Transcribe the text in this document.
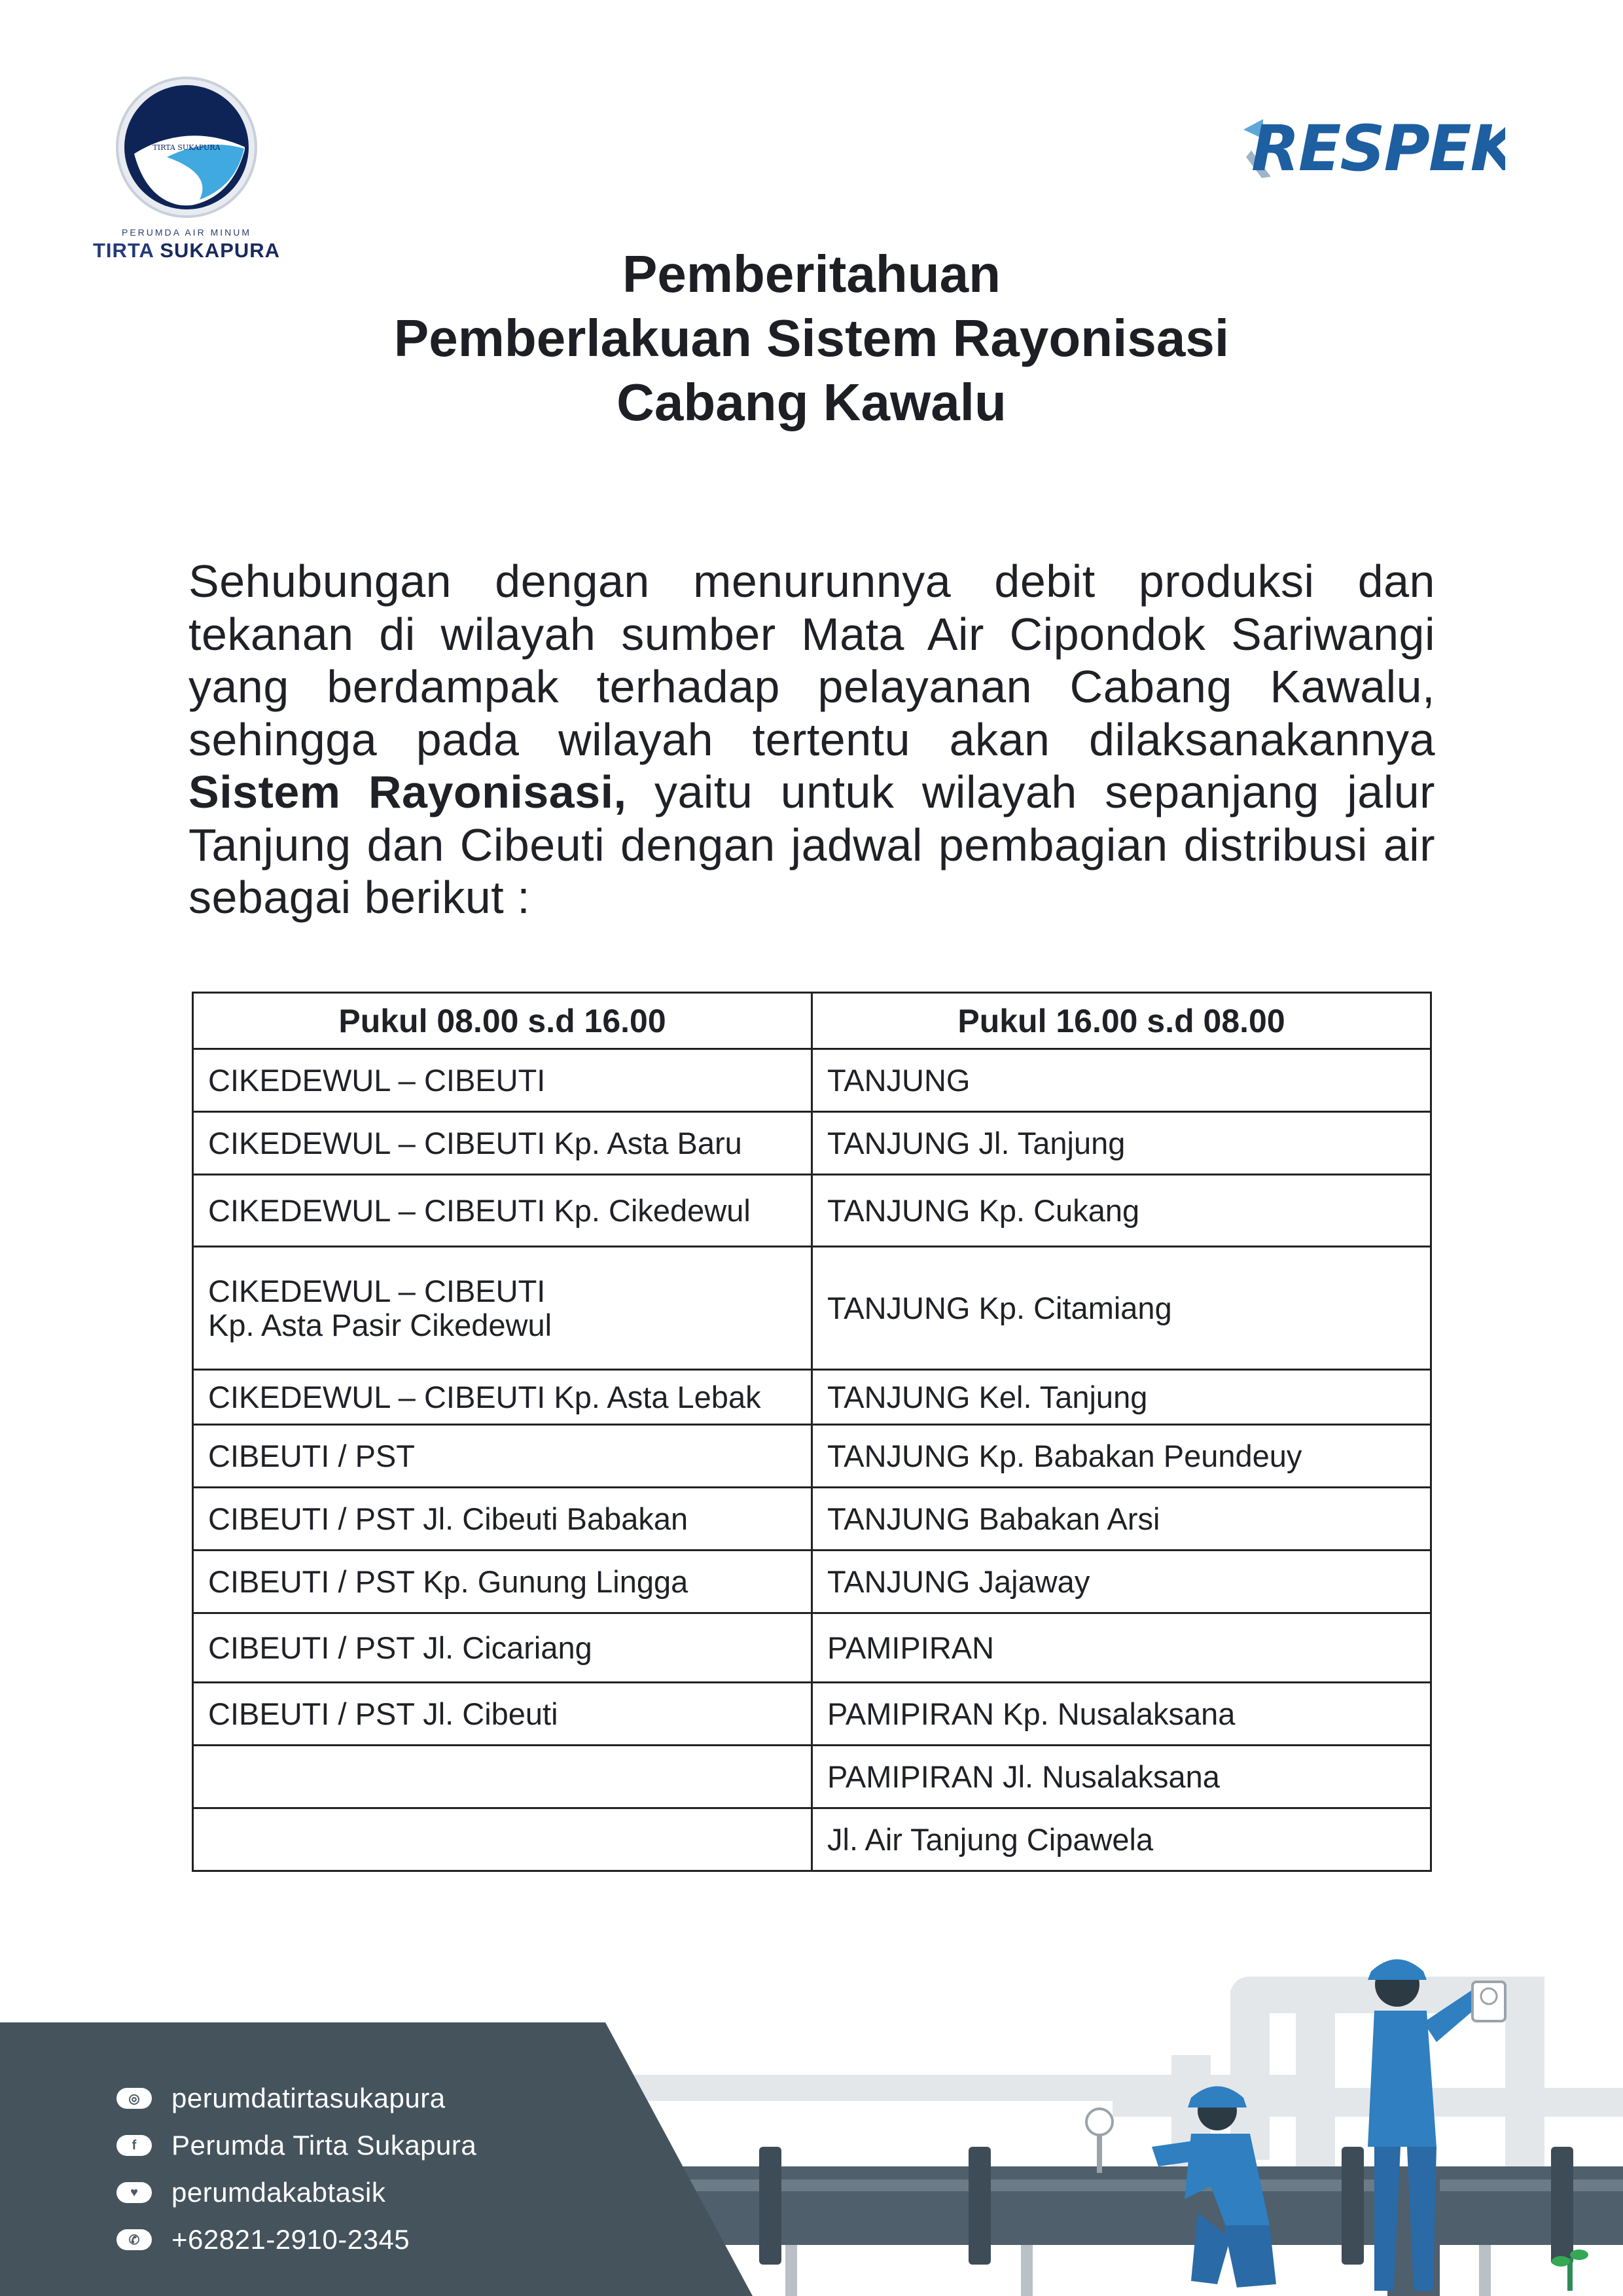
TIRTA SUKAPURA
PERUMDA AIR MINUM
TIRTA SUKAPURA
RESPEK
Pemberitahuan
Pemberlakuan Sistem Rayonisasi
Cabang Kawalu

Sehubungan dengan menurunnya debit produksi dan tekanan di wilayah sumber Mata Air Cipondok Sariwangi yang berdampak terhadap pelayanan Cabang Kawalu, sehingga pada wilayah tertentu akan dilaksanakannya Sistem Rayonisasi, yaitu untuk wilayah sepanjang jalur Tanjung dan Cibeuti dengan jadwal pembagian distribusi air sebagai berikut :

Pukul 08.00 s.d 16.00	Pukul 16.00 s.d 08.00
CIKEDEWUL – CIBEUTI	TANJUNG
CIKEDEWUL – CIBEUTI Kp. Asta Baru	TANJUNG Jl. Tanjung
CIKEDEWUL – CIBEUTI Kp. Cikedewul	TANJUNG Kp. Cukang
CIKEDEWUL – CIBEUTI
Kp. Asta Pasir Cikedewul	TANJUNG Kp. Citamiang
CIKEDEWUL – CIBEUTI Kp. Asta Lebak	TANJUNG Kel. Tanjung
CIBEUTI / PST	TANJUNG Kp. Babakan Peundeuy
CIBEUTI / PST Jl. Cibeuti Babakan	TANJUNG Babakan Arsi
CIBEUTI / PST Kp. Gunung Lingga	TANJUNG Jajaway
CIBEUTI / PST Jl. Cicariang	PAMIPIRAN
CIBEUTI / PST Jl. Cibeuti	PAMIPIRAN Kp. Nusalaksana
	PAMIPIRAN Jl. Nusalaksana
	Jl. Air Tanjung Cipawela
◎	perumdatirtasukapura
f	Perumda Tirta Sukapura
♥	perumdakabtasik
✆	+62821-2910-2345
